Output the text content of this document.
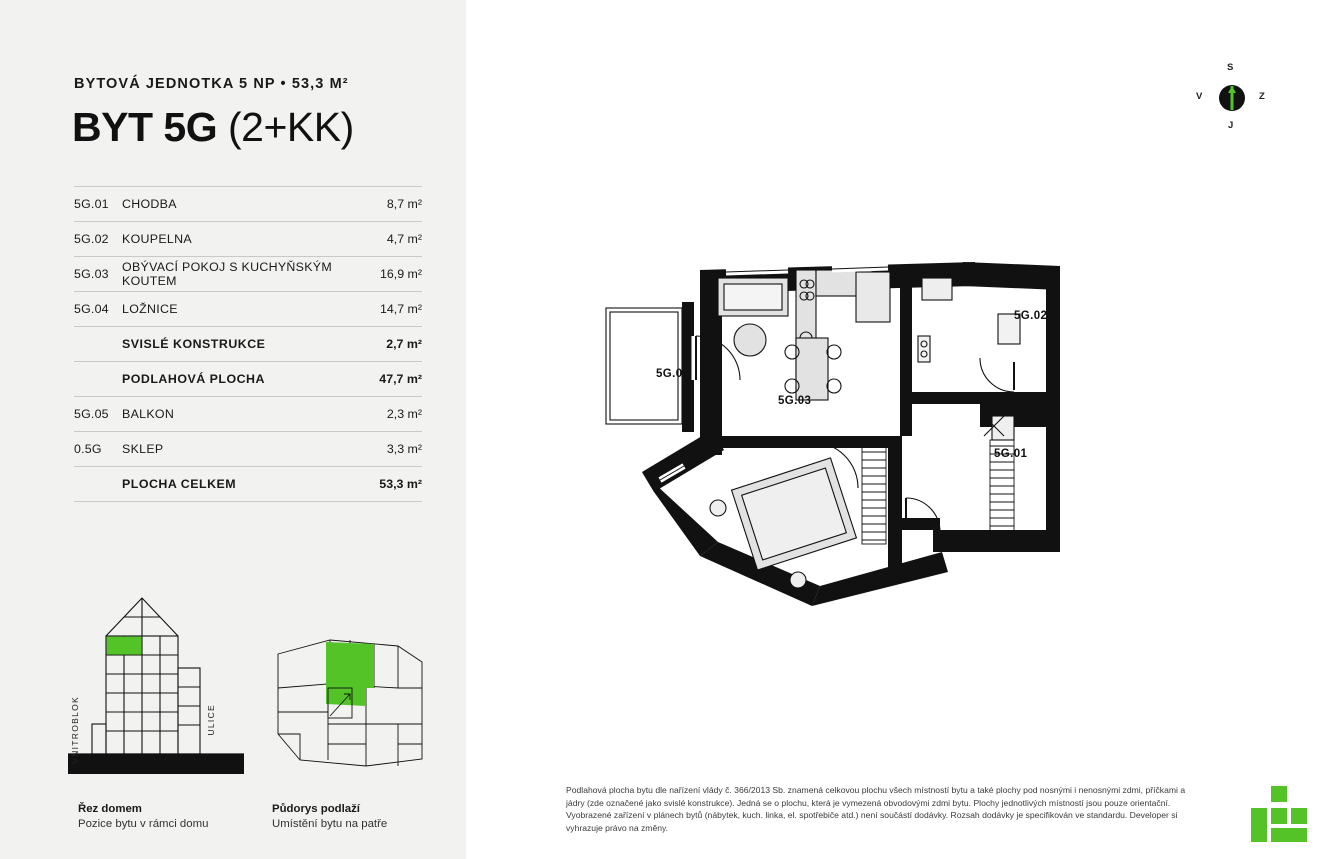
BYTOVÁ JEDNOTKA 5 NP • 53,3 M²
BYT 5G (2+KK)
5G.01	CHODBA	8,7 m²
5G.02	KOUPELNA	4,7 m²
5G.03	OBÝVACÍ POKOJ S KUCHYŇSKÝM KOUTEM	16,9 m²
5G.04	LOŽNICE	14,7 m²
SVISLÉ KONSTRUKCE	2,7 m²
PODLAHOVÁ PLOCHA	47,7 m²
5G.05	BALKON	2,3 m²
0.5G	SKLEP	3,3 m²
PLOCHA CELKEM	53,3 m²
VNITROBLOK	ULICE
Řez domem
Pozice bytu v rámci domu
Půdorys podlaží
Umístění bytu na patře
S
J
V	Z
5G.05
5G.03
5G.02
5G.01
5G.04
Podlahová plocha bytu dle nařízení vlády č. 366/2013 Sb. znamená celkovou plochu všech místností bytu a také plochy pod nosnými i nenosnými zdmi, příčkami a jádry (zde označené jako svislé konstrukce). Jedná se o plochu, která je vymezená obvodovými zdmi bytu. Plochy jednotlivých místností jsou pouze orientační. Vyobrazené zařízení v plánech bytů (nábytek, kuch. linka, el. spotřebiče atd.) není součástí dodávky. Rozsah dodávky je specifikován ve standardu. Developer si vyhrazuje právo na změny.
